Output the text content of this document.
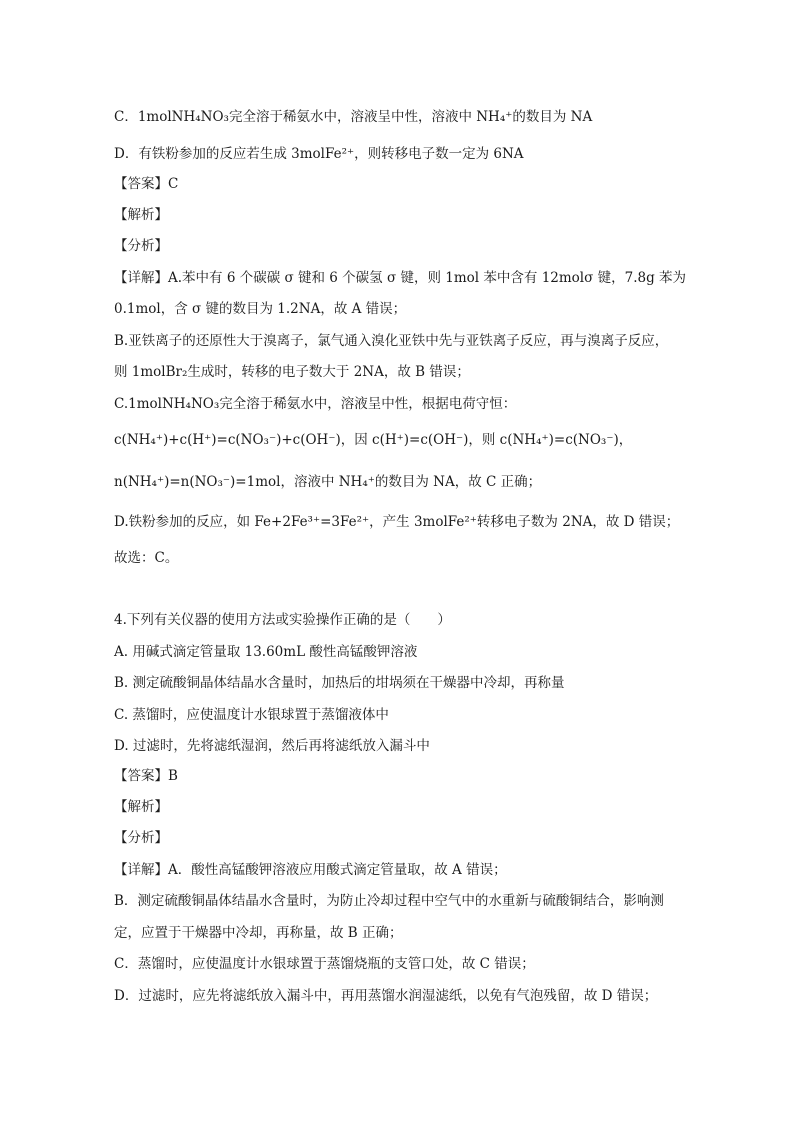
C．1molNH₄NO₃完全溶于稀氨水中，溶液呈中性，溶液中 NH₄⁺的数目为 NA
D．有铁粉参加的反应若生成 3molFe²⁺，则转移电子数一定为 6NA
【答案】C
【解析】
【分析】
【详解】A.苯中有 6 个碳碳 σ 键和 6 个碳氢 σ 键，则 1mol 苯中含有 12molσ 键，7.8g 苯为
0.1mol，含 σ 键的数目为 1.2NA，故 A 错误；
B.亚铁离子的还原性大于溴离子，氯气通入溴化亚铁中先与亚铁离子反应，再与溴离子反应，
则 1molBr₂生成时，转移的电子数大于 2NA，故 B 错误；
C.1molNH₄NO₃完全溶于稀氨水中，溶液呈中性，根据电荷守恒：
c(NH₄⁺)+c(H⁺)=c(NO₃⁻)+c(OH⁻)，因 c(H⁺)=c(OH⁻)，则 c(NH₄⁺)=c(NO₃⁻)，
n(NH₄⁺)=n(NO₃⁻)=1mol，溶液中 NH₄⁺的数目为 NA，故 C 正确；
D.铁粉参加的反应，如 Fe+2Fe³⁺=3Fe²⁺，产生 3molFe²⁺转移电子数为 2NA，故 D 错误；
故选：C。
4.下列有关仪器的使用方法或实验操作正确的是（　　）
A. 用碱式滴定管量取 13.60mL 酸性高锰酸钾溶液
B. 测定硫酸铜晶体结晶水含量时，加热后的坩埚须在干燥器中冷却，再称量
C. 蒸馏时，应使温度计水银球置于蒸馏液体中
D. 过滤时，先将滤纸湿润，然后再将滤纸放入漏斗中
【答案】B
【解析】
【分析】
【详解】A．酸性高锰酸钾溶液应用酸式滴定管量取，故 A 错误；
B．测定硫酸铜晶体结晶水含量时，为防止冷却过程中空气中的水重新与硫酸铜结合，影响测
定，应置于干燥器中冷却，再称量，故 B 正确；
C．蒸馏时，应使温度计水银球置于蒸馏烧瓶的支管口处，故 C 错误；
D．过滤时，应先将滤纸放入漏斗中，再用蒸馏水润湿滤纸，以免有气泡残留，故 D 错误；
